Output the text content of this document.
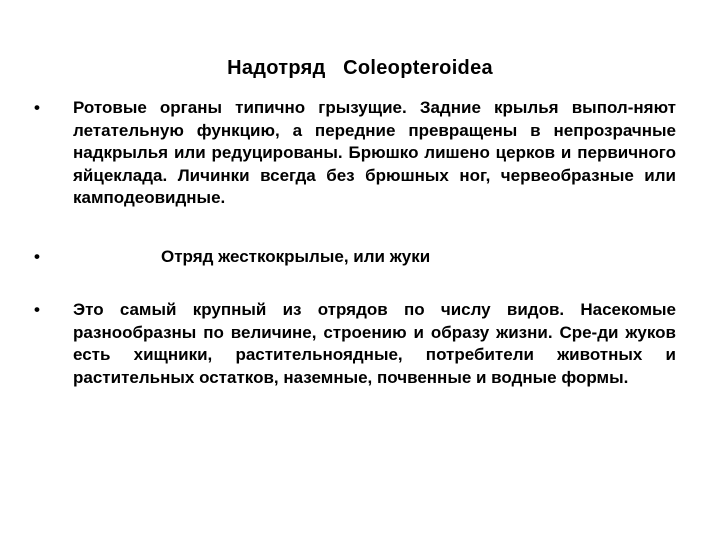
Надотряд   Coleopteroidea
• Ротовые органы типично грызущие. Задние крылья выпол-няют летательную функцию, а передние превращены в непрозрачные надкрылья или редуцированы. Брюшко лишено церков и первичного яйцеклада. Личинки всегда без брюшных ног, червеобразные или камподеовидные.
•	Отряд жесткокрылые, или жуки
• Это самый крупный из отрядов по числу видов. Насекомые разнообразны по величине, строению и образу жизни. Сре-ди жуков есть хищники, растительноядные, потребители животных и растительных остатков, наземные, почвенные и водные формы.
